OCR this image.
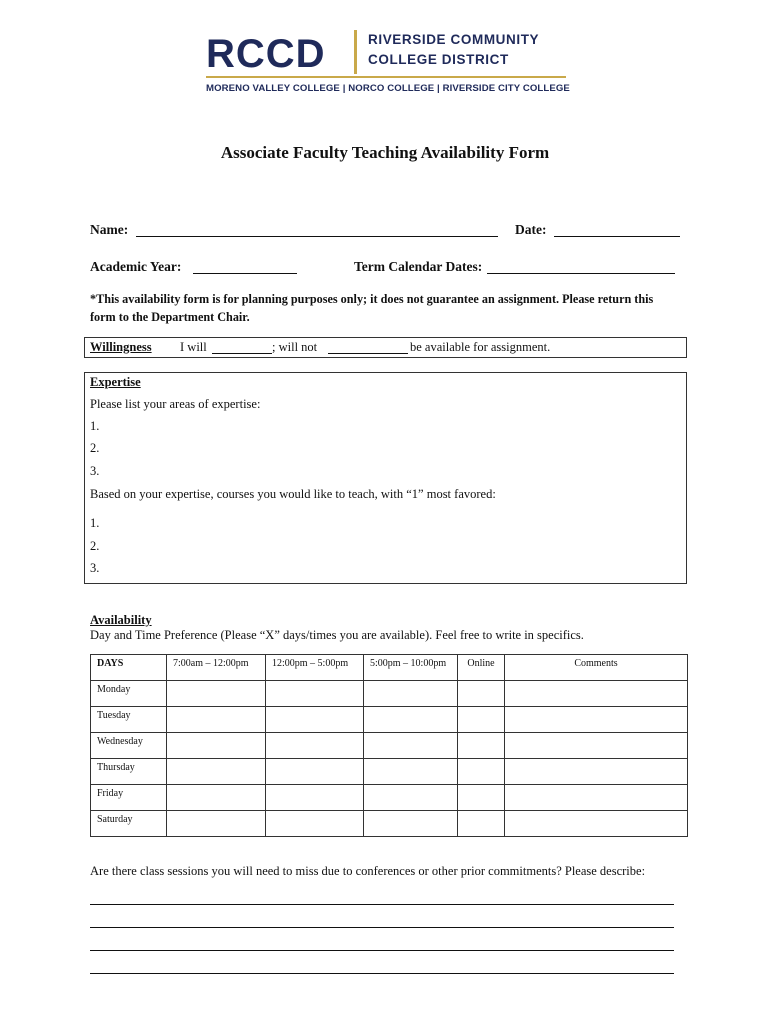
RCCD	RIVERSIDE COMMUNITY
COLLEGE DISTRICT
MORENO VALLEY COLLEGE | NORCO COLLEGE | RIVERSIDE CITY COLLEGE
Associate Faculty Teaching Availability Form
Name:	Date:
Academic Year:	Term Calendar Dates:
*This availability form is for planning purposes only; it does not guarantee an assignment. Please return this
form to the Department Chair.
Willingness I will	; will not	be available for assignment.
Expertise
Please list your areas of expertise:
1.
2.
3.
Based on your expertise, courses you would like to teach, with “1” most favored:
1.
2.
3.
Availability
Day and Time Preference (Please “X” days/times you are available). Feel free to write in specifics.
DAYS	7:00am – 12:00pm	12:00pm – 5:00pm	5:00pm – 10:00pm	Online	Comments
Monday					
Tuesday					
Wednesday					
Thursday					
Friday					
Saturday					
Are there class sessions you will need to miss due to conferences or other prior commitments? Please describe:
